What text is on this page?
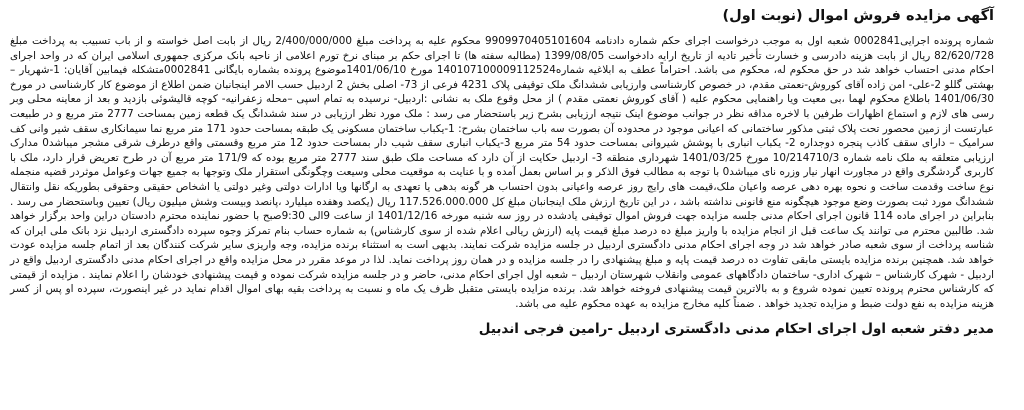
آگهی مزایده فروش اموال (نوبت اول)

شماره پرونده اجرایی0002841 شعبه اول به موجب درخواست اجرای حکم شماره دادنامه 9909970405101604 محکوم علیه به پرداخت مبلغ 2/400/000/000 ریال از بابت اصل خواسته و از باب تسبیب به پرداخت مبلغ 82/620/728 ریال از بابت هزینه دادرسی و خسارت تأخیر تادیه از تاریخ ارایه دادخواست 1399/08/05 (مطالبه سفته ها) تا اجرای حکم بر مبنای نرخ تورم اعلامی از ناحیه بانک مرکزی جمهوری اسلامی ایران که در واحد اجرای احکام مدنی احتساب خواهد شد در حق محکوم له، محکوم می باشد. احتراماً عطف به ابلاغیه شماره140107100009112524 مورخ 1401/06/10موضوع پرونده بشماره بایگانی 0002841متشکله فیمابین آقایان: 1-شهریار – بهشتی گللو 2-علی- امن زاده آقای کوروش-نعمتی مقدم، در خصوص کارشناسی وارزیابی ششدانگ ملک توقیفی پلاک 4231 فرعی از 73- اصلی بخش 2 اردبیل حسب الامر اینجانبان ضمن اطلاع از موضوع کار کارشناسی در مورخ 1401/06/30 باطلاع محکوم لهما ،بی معیت ویا راهنمایی محکوم علیه ( آقای کوروش نعمتی مقدم ) از محل وقوع ملک به نشانی :اردبیل- نرسیده به تمام اسپی –محله زعفرانیه- کوچه قالیشوئی بازدید و بعد از معاینه محلی وبر رسی های لازم و استماع اظهارات طرفین با لاخره مداقه نظر در جوانب موضوع اینک نتیجه ارزیابی بشرح زیر باستحضار می رسد : ملک مورد نظر ارزیابی در سند ششدانگ یک قطعه زمین بمساحت 2777 متر مربع و در طبیعت عبارتست از زمین محصور تحت پلاک ثبتی مذکور ساختمانی که اعیانی موجود در محدوده آن بصورت سه باب ساختمان بشرح: 1-یکباب ساختمان مسکونی یک طبقه بمساحت حدود 171 متر مربع نما سیمانکاری سقف شیر وانی کف سرامیک – دارای سقف کاذب پنجره دوجداره 2- یکباب انباری با پوشش شیروانی بمساحت حدود 54 متر مربع 3-یکباب انباری سقف شیب دار بمساحت حدود 12 متر مربع وقسمتی واقع درطرف شرقی مشجر میباشد0 مدارک ارزیابی متعلقه به ملک نامه شماره 10/214710/3 مورخ 1401/03/25 شهرداری منطقه 3- اردبیل حکایت از آن دارد که مساحت ملک طبق سند 2777 متر مربع بوده که 171/9 متر مربع آن در طرح تعریض قرار دارد، ملک با کاربری گردشگری واقع در مجاورت انهار نیار وزره نای میباشد0 با توجه به مطالب فوق الذکر و بر اساس بعمل آمده و با عنایت به موقعیت محلی وسیعت وچگونگی استقرار ملک وتوجها به جمیع جهات وعوامل موثردر قضیه منجمله نوع ساخت وقدمت ساخت و نحوه بهره دهی عرصه واعیان ملک،قیمت های رایج روز عرصه واعیانی بدون احتساب هر گونه بدهی یا تعهدی به ارگانها ویا ادارات دولتی وغیر دولتی یا اشخاص حقیقی وحقوقی بطوریکه نقل وانتقال ششدانگ مورد ثبت بصورت وضع موجود هیچگونه منع قانونی نداشته باشد ، در این تاریخ ارزش ملک اینجانبان مبلغ کل 117.526.000.000 ریال (یکصد وهفده میلیارد ،پانصد وبیست وشش میلیون ریال) تعیین وباستحضار می رسد . بنابراین در اجرای ماده 114 قانون اجرای احکام مدنی جلسه مزایده جهت فروش اموال توقیفی یادشده در روز سه شنبه مورخه 1401/12/16 از ساعت 9الی 9:30صبح با حضور نماینده محترم دادستان دراین واحد برگزار خواهد شد. طالبین محترم می توانند یک ساعت قبل از انجام مزایده با واریز مبلغ ده درصد مبلغ قیمت پایه (ارزش ریالی اعلام شده از سوی کارشناس) به شماره حساب بنام تمرکز وجوه سپرده دادگستری اردبیل نزد بانک ملی ایران که شناسه پرداخت از سوی شعبه صادر خواهد شد در وجه اجرای احکام مدنی دادگستری اردبیل در جلسه مزایده شرکت نمایند. بدیهی است به استثناء برنده مزایده، وجه واریزی سایر شرکت کنندگان بعد از اتمام جلسه مزایده عودت خواهد شد. همچنین برنده مزایده بایستی مابقی تفاوت ده درصد قیمت پایه و مبلغ پیشنهادی را در جلسه مزایده و در همان روز پرداخت نماید. لذا در موعد مقرر در محل مزایده واقع در اجرای احکام مدنی دادگستری اردبیل واقع در اردبیل - شهرک کارشناس – شهرک اداری- ساختمان دادگاههای عمومی وانقلاب شهرستان اردبیل – شعبه اول اجرای احکام مدنی، حاضر و در جلسه مزایده شرکت نموده و قیمت پیشنهادی خودشان را اعلام نمایند . مزایده از قیمتی که کارشناس محترم پرونده تعیین نموده شروع و به بالاترین قیمت پیشنهادی فروخته خواهد شد. برنده مزایده بایستی متقبل ظرف یک ماه و نسبت به پرداخت بقیه بهای اموال اقدام نماید در غیر اینصورت، سپرده او پس از کسر هزینه مزایده به نفع دولت ضبط و مزایده تجدید خواهد . ضمناً کلیه مخارج مزایده به عهده محکوم علیه می باشد.

مدیر دفتر شعبه اول اجرای احکام مدنی دادگستری اردبیل -رامین فرجی اندبیل
